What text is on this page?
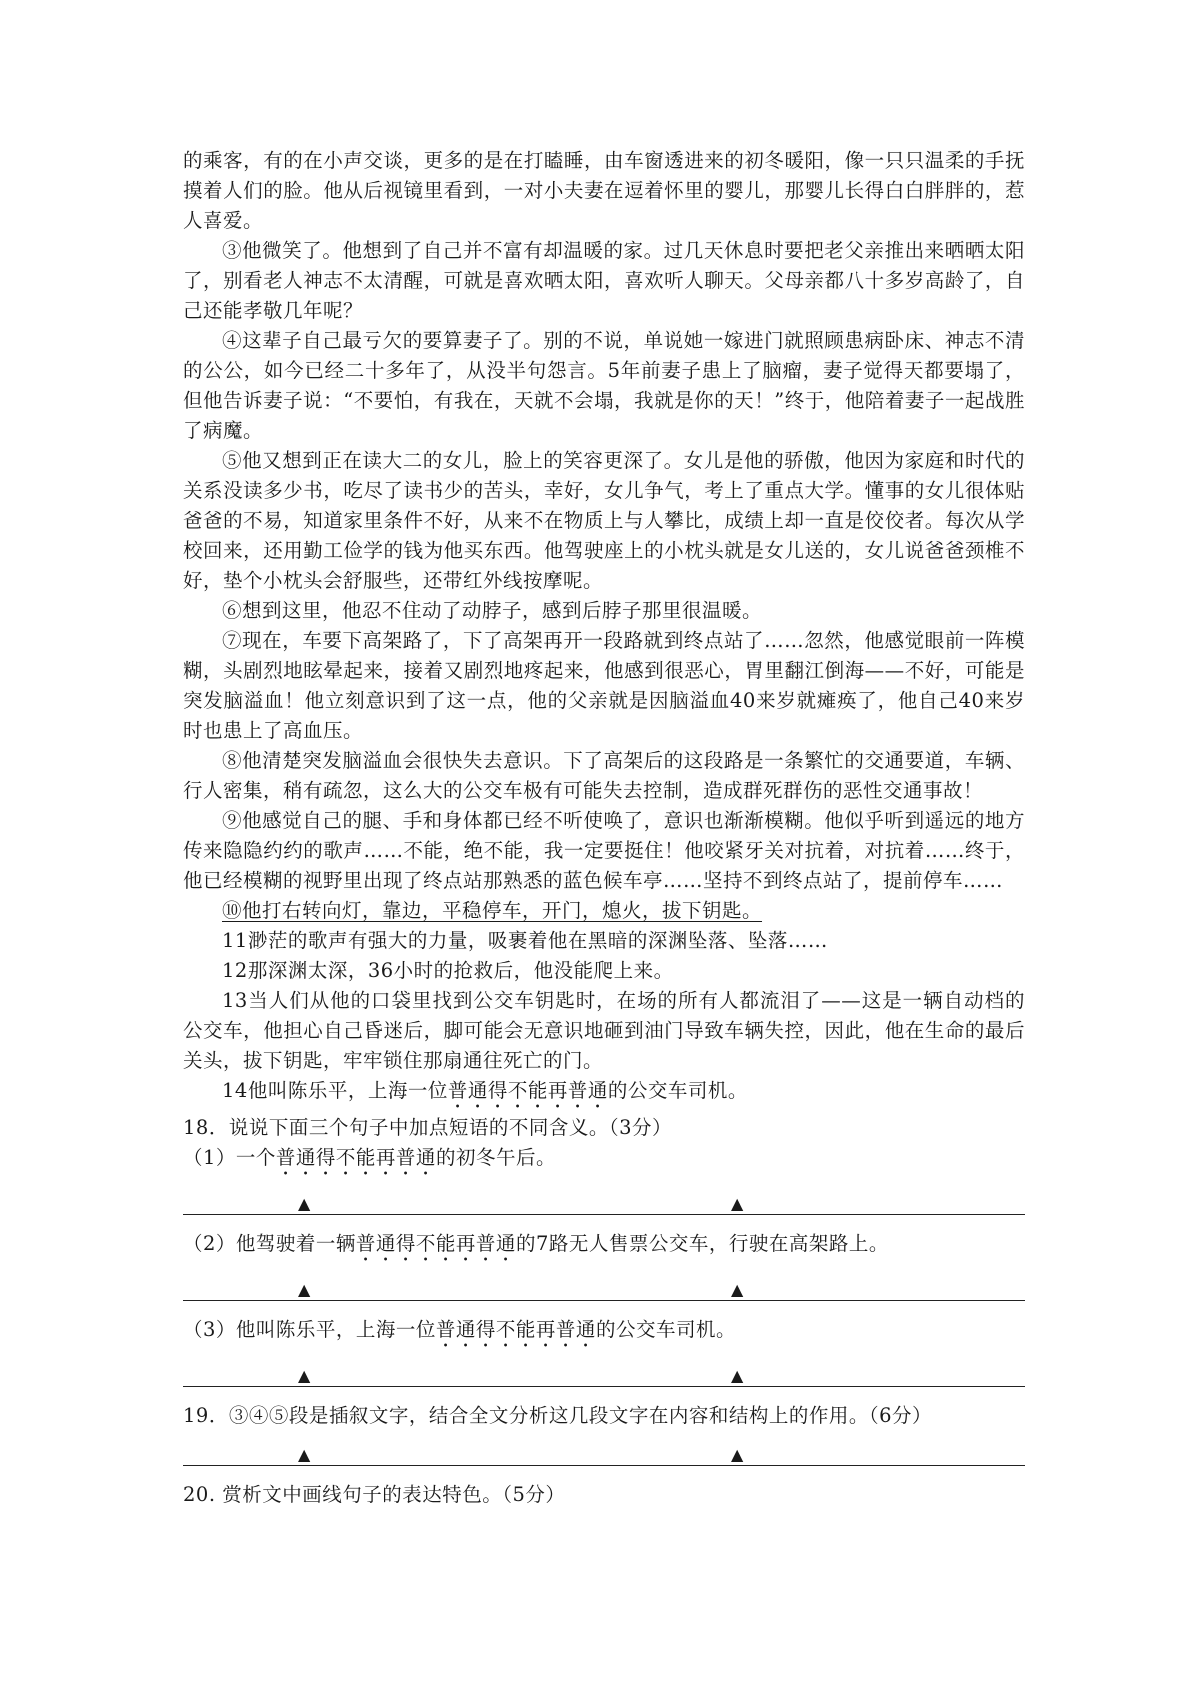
的乘客，有的在小声交谈，更多的是在打瞌睡，由车窗透进来的初冬暖阳，像一只只温柔的手抚摸着人们的脸。他从后视镜里看到，一对小夫妻在逗着怀里的婴儿，那婴儿长得白白胖胖的，惹人喜爱。

③他微笑了。他想到了自己并不富有却温暖的家。过几天休息时要把老父亲推出来晒晒太阳了，别看老人神志不太清醒，可就是喜欢晒太阳，喜欢听人聊天。父母亲都八十多岁高龄了，自己还能孝敬几年呢？

④这辈子自己最亏欠的要算妻子了。别的不说，单说她一嫁进门就照顾患病卧床、神志不清的公公，如今已经二十多年了，从没半句怨言。5年前妻子患上了脑瘤，妻子觉得天都要塌了，但他告诉妻子说：“不要怕，有我在，天就不会塌，我就是你的天！”终于，他陪着妻子一起战胜了病魔。

⑤他又想到正在读大二的女儿，脸上的笑容更深了。女儿是他的骄傲，他因为家庭和时代的关系没读多少书，吃尽了读书少的苦头，幸好，女儿争气，考上了重点大学。懂事的女儿很体贴爸爸的不易，知道家里条件不好，从来不在物质上与人攀比，成绩上却一直是佼佼者。每次从学校回来，还用勤工俭学的钱为他买东西。他驾驶座上的小枕头就是女儿送的，女儿说爸爸颈椎不好，垫个小枕头会舒服些，还带红外线按摩呢。

⑥想到这里，他忍不住动了动脖子，感到后脖子那里很温暖。

⑦现在，车要下高架路了，下了高架再开一段路就到终点站了……忽然，他感觉眼前一阵模糊，头剧烈地眩晕起来，接着又剧烈地疼起来，他感到很恶心，胃里翻江倒海——不好，可能是突发脑溢血！他立刻意识到了这一点，他的父亲就是因脑溢血40来岁就瘫痪了，他自己40来岁时也患上了高血压。

⑧他清楚突发脑溢血会很快失去意识。下了高架后的这段路是一条繁忙的交通要道，车辆、行人密集，稍有疏忽，这么大的公交车极有可能失去控制，造成群死群伤的恶性交通事故！

⑨他感觉自己的腿、手和身体都已经不听使唤了，意识也渐渐模糊。他似乎听到遥远的地方传来隐隐约约的歌声……不能，绝不能，我一定要挺住！他咬紧牙关对抗着，对抗着……终于，他已经模糊的视野里出现了终点站那熟悉的蓝色候车亭……坚持不到终点站了，提前停车……

⑩他打右转向灯，靠边，平稳停车，开门，熄火，拔下钥匙。

11渺茫的歌声有强大的力量，吸裹着他在黑暗的深渊坠落、坠落……

12那深渊太深，36小时的抢救后，他没能爬上来。

13当人们从他的口袋里找到公交车钥匙时，在场的所有人都流泪了——这是一辆自动档的公交车，他担心自己昏迷后，脚可能会无意识地砸到油门导致车辆失控，因此，他在生命的最后关头，拔下钥匙，牢牢锁住那扇通往死亡的门。

14他叫陈乐平，上海一位普通得不能再普通的公交车司机。

18．说说下面三个句子中加点短语的不同含义。（3分）

（1）一个普通得不能再普通的初冬午后。

▲	▲

（2）他驾驶着一辆普通得不能再普通的7路无人售票公交车，行驶在高架路上。

▲	▲

（3）他叫陈乐平，上海一位普通得不能再普通的公交车司机。

▲	▲

19．③④⑤段是插叙文字，结合全文分析这几段文字在内容和结构上的作用。（6分）

▲	▲

20. 赏析文中画线句子的表达特色。（5分）
